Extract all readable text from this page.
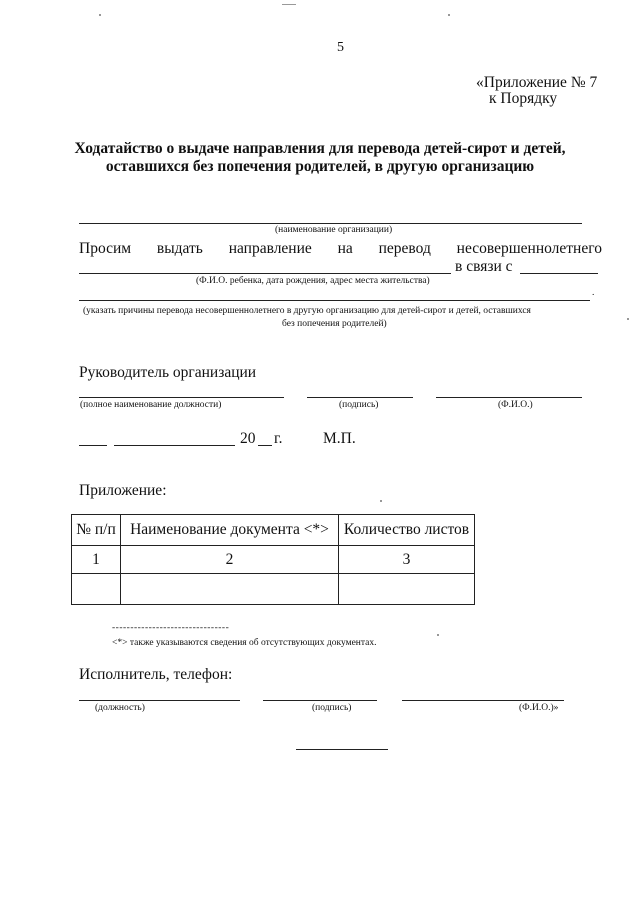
5
«Приложение № 7
к Порядку
Ходатайство о выдаче направления для перевода детей-сирот и детей,
оставшихся без попечения родителей, в другую организацию
(наименование организации)
Просим выдать направление на перевод несовершеннолетнего
в связи с
(Ф.И.О. ребенка, дата рождения, адрес места жительства)
.
(указать причины перевода несовершеннолетнего в другую организацию для детей-сирот и детей, оставшихся
без попечения родителей)
Руководитель организации
(полное наименование должности)	(подпись)	(Ф.И.О.)
20 г.	М.П.
Приложение:
№ п/п	Наименование документа <*>	Количество листов
1	2	3

--------------------------------
<*> также указываются сведения об отсутствующих документах.
Исполнитель, телефон:
(должность)	(подпись)	(Ф.И.О.)»
